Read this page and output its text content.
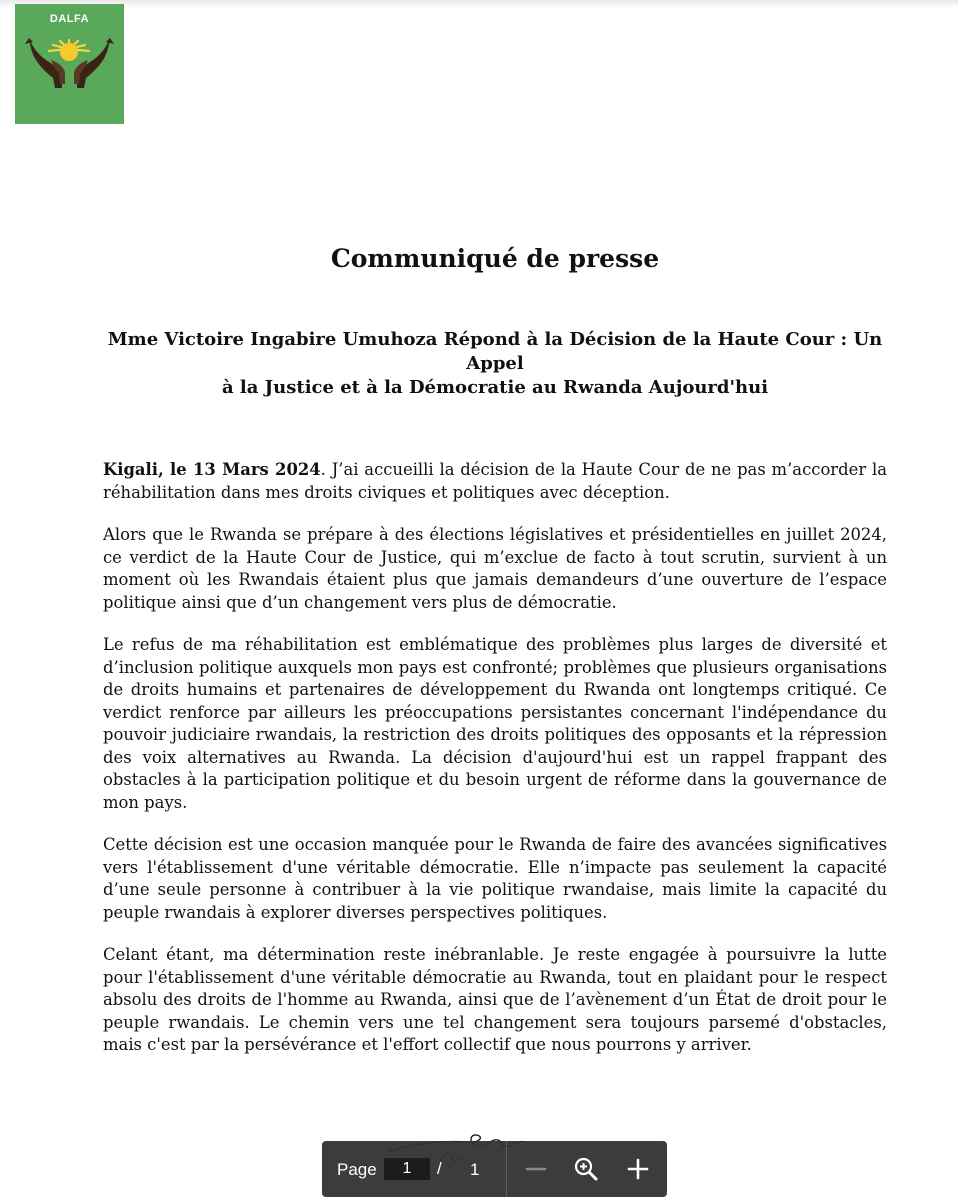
DALFA
Communiqué de presse
Mme Victoire Ingabire Umuhoza Répond à la Décision de la Haute Cour : Un Appel
à la Justice et à la Démocratie au Rwanda Aujourd'hui

Kigali, le 13 Mars 2024. J’ai accueilli la décision de la Haute Cour de ne pas m’accorder la réhabilitation dans mes droits civiques et politiques avec déception.

Alors que le Rwanda se prépare à des élections législatives et présidentielles en juillet 2024, ce verdict de la Haute Cour de Justice, qui m’exclue de facto à tout scrutin, survient à un moment où les Rwandais étaient plus que jamais demandeurs d’une ouverture de l’espace politique ainsi que d’un changement vers plus de démocratie.

Le refus de ma réhabilitation est emblématique des problèmes plus larges de diversité et d’inclusion politique auxquels mon pays est confronté; problèmes que plusieurs organisations de droits humains et partenaires de développement du Rwanda ont longtemps critiqué. Ce verdict renforce par ailleurs les préoccupations persistantes concernant l'indépendance du pouvoir judiciaire rwandais, la restriction des droits politiques des opposants et la répression des voix alternatives au Rwanda. La décision d'aujourd'hui est un rappel frappant des obstacles à la participation politique et du besoin urgent de réforme dans la gouvernance de mon pays.

Cette décision est une occasion manquée pour le Rwanda de faire des avancées significatives vers l'établissement d'une véritable démocratie. Elle n’impacte pas seulement la capacité d’une seule personne à contribuer à la vie politique rwandaise, mais limite la capacité du peuple rwandais à explorer diverses perspectives politiques.

Celant étant, ma détermination reste inébranlable. Je reste engagée à poursuivre la lutte pour l'établissement d'une véritable démocratie au Rwanda, tout en plaidant pour le respect absolu des droits de l'homme au Rwanda, ainsi que de l’avènement d’un État de droit pour le peuple rwandais. Le chemin vers une tel changement sera toujours parsemé d'obstacles, mais c'est par la persévérance et l'effort collectif que nous pourrons y arriver.

Page
1	/ 1
